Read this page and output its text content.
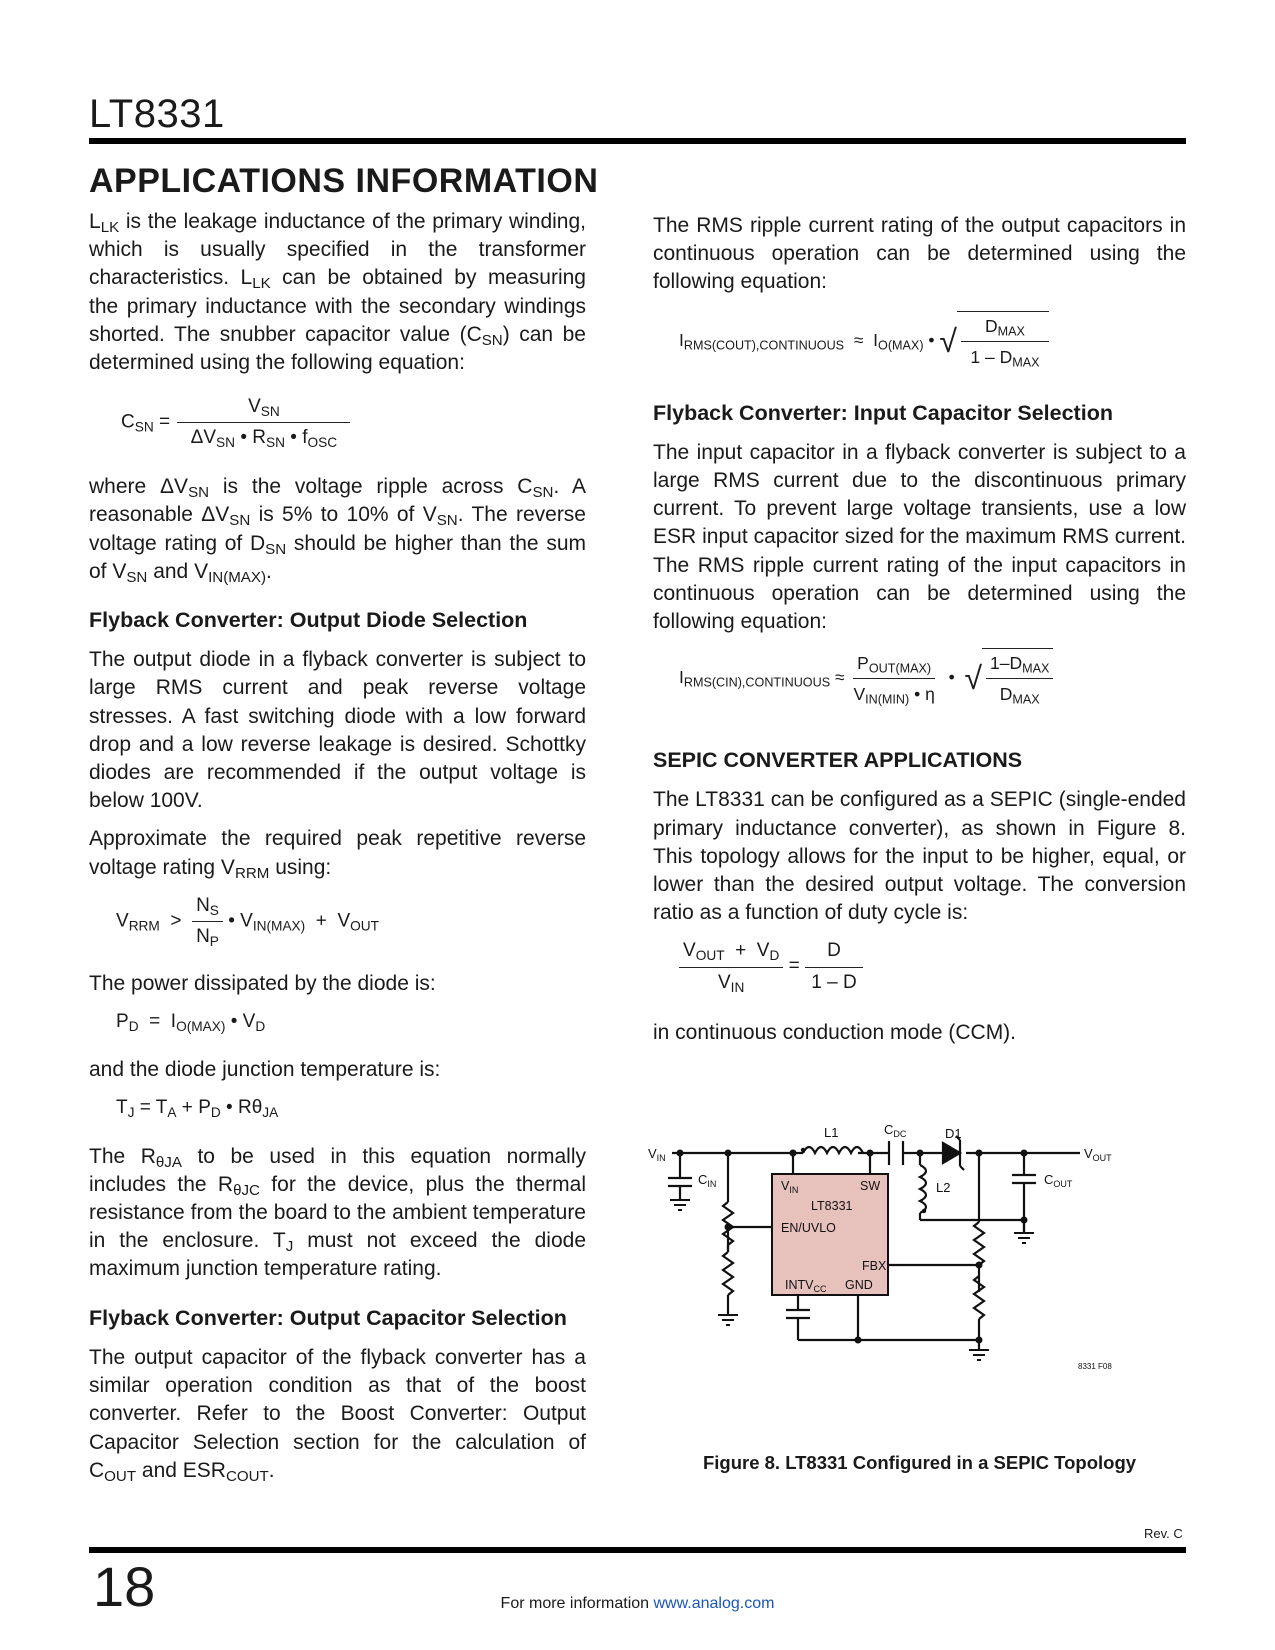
LT8331
APPLICATIONS INFORMATION

$L_{LK}$ is the leakage inductance of the primary winding, which is usually specified in the transformer characteristics. $L_{LK}$ can be obtained by measuring the primary inductance with the secondary windings shorted. The snubber capacitor value $(C_{SN})$ can be determined using the following equation:

$C_{SN} = \frac{V_{SN}}{\Delta V_{SN} • R_{SN} • f_{OSC}}$

where $\Delta V_{SN}$ is the voltage ripple across $C_{SN}$. A reasonable $\Delta V_{SN}$ is 5% to 10% of $V_{SN}$. The reverse voltage rating of $D_{SN}$ should be higher than the sum of $V_{SN}$ and $V_{IN(MAX)}$.

Flyback Converter: Output Diode Selection

The output diode in a flyback converter is subject to large RMS current and peak reverse voltage stresses. A fast switching diode with a low forward drop and a low reverse leakage is desired. Schottky diodes are recommended if the output voltage is below 100V.

Approximate the required peak repetitive reverse voltage rating $V_{RRM}$ using:

$V_{RRM} > \frac{N_S}{N_P}$ • $V_{IN(MAX)} + V_{OUT}$

The power dissipated by the diode is:

$P_D = I_{O(MAX)}$ • $V_D$

and the diode junction temperature is:

$T_J = T_A + P_D$ • $R\theta_{JA}$

The $R_{\theta JA}$ to be used in this equation normally includes the $R_{\theta JC}$ for the device, plus the thermal resistance from the board to the ambient temperature in the enclosure. $T_J$ must not exceed the diode maximum junction temperature rating.

Flyback Converter: Output Capacitor Selection

The output capacitor of the flyback converter has a similar operation condition as that of the boost converter. Refer to the Boost Converter: Output Capacitor Selection section for the calculation of $C_{OUT}$ and $ESR_{COUT}$.

The RMS ripple current rating of the output capacitors in continuous operation can be determined using the following equation:

$I_{RMS(COUT),CONTINUOUS} \approx I_{O(MAX)}$ • √ $\frac{D_{MAX}}{1 - D_{MAX}}$

Flyback Converter: Input Capacitor Selection

The input capacitor in a flyback converter is subject to a large RMS current due to the discontinuous primary current. To prevent large voltage transients, use a low ESR input capacitor sized for the maximum RMS current. The RMS ripple current rating of the input capacitors in continuous operation can be determined using the following equation:

$I_{RMS(CIN),CONTINUOUS} \approx \frac{P_{OUT(MAX)}}{V_{IN(MIN)} • \eta}$ • √ $\frac{1-D_{MAX}}{D_{MAX}}$

SEPIC CONVERTER APPLICATIONS

The LT8331 can be configured as a SEPIC (single-ended primary inductance converter), as shown in Figure 8. This topology allows for the input to be higher, equal, or lower than the desired output voltage. The conversion ratio as a function of duty cycle is:

$\frac{V_{OUT} + V_D}{V_{IN}} = \frac{D}{1 - D}$

in continuous conduction mode (CCM).

$V_{IN}$	$V_{OUT}$
L1
L2
$C_{DC}$	D1
$C_{IN}$	$C_{OUT}$
$V_{IN}$	SW
LT8331
EN/UVLO
FBX
$INTV_{CC}$ GND
8331 F08
Figure 8. LT8331 Configured in a SEPIC Topology
Rev. C
18	For more information www.analog.com
